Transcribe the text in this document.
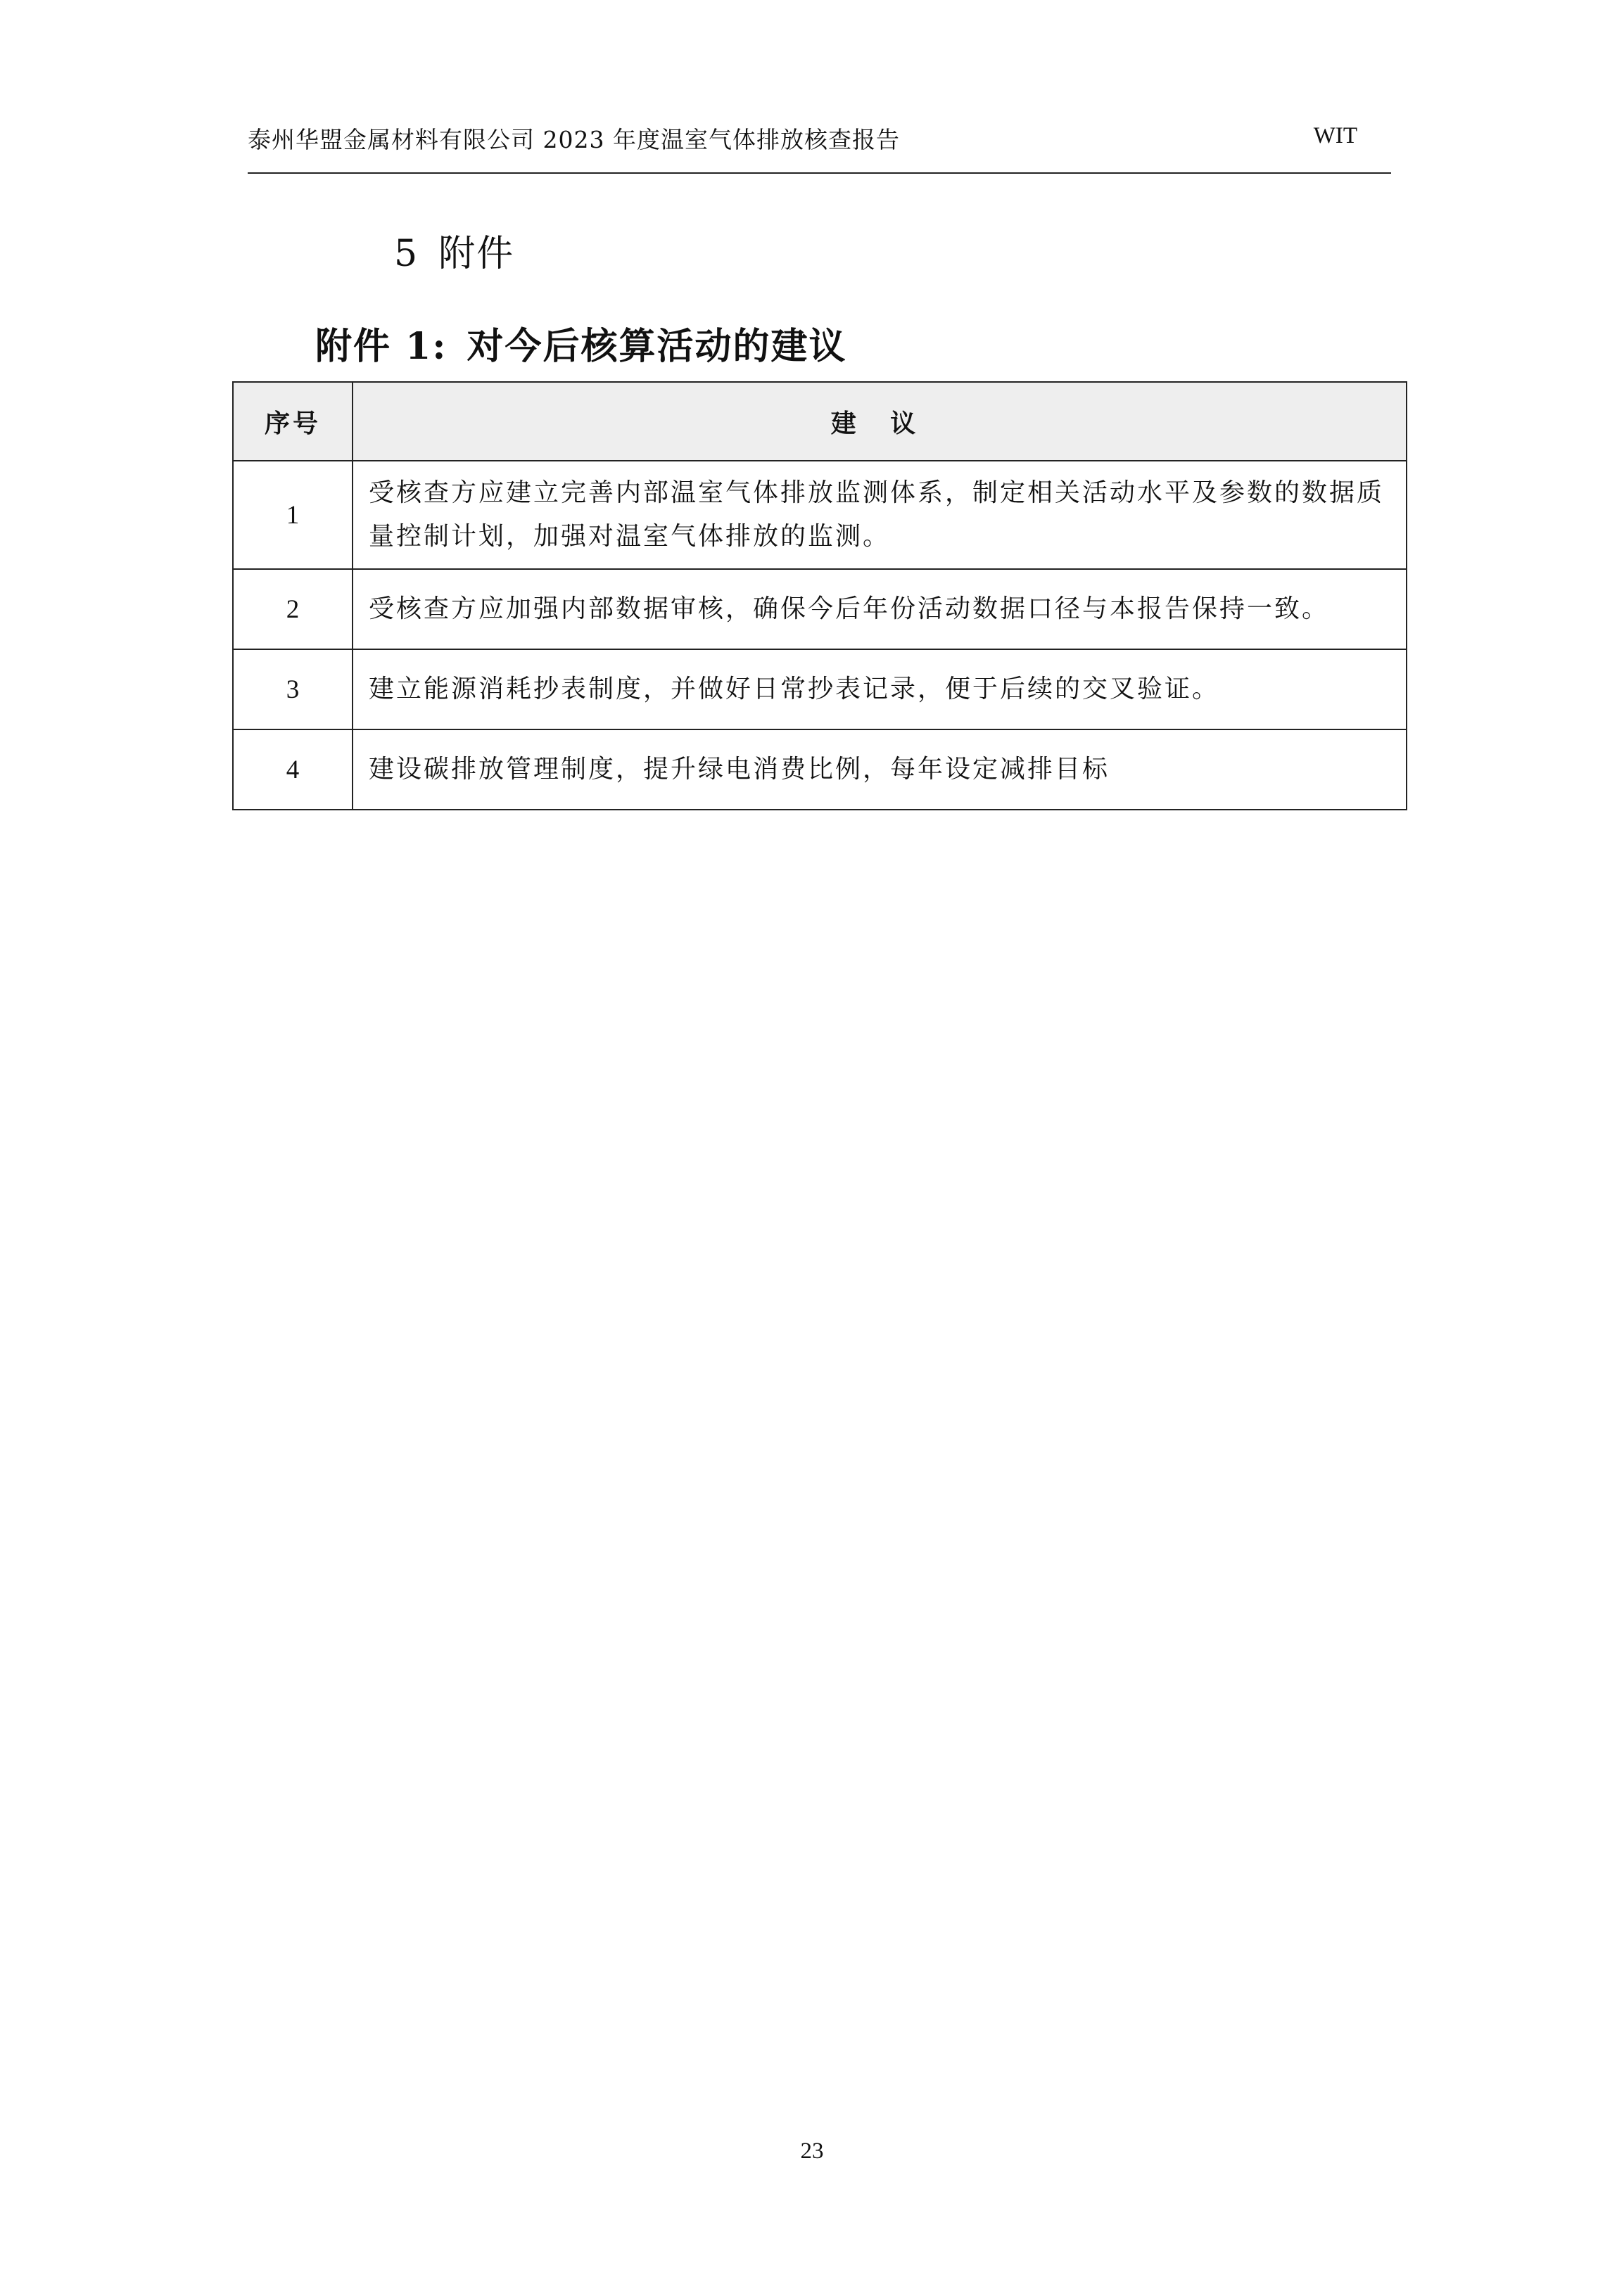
泰州华盟金属材料有限公司 2023 年度温室气体排放核查报告	WIT
5 附件
附件 1: 对今后核算活动的建议
序号	建 议
1	受核查方应建立完善内部温室气体排放监测体系，制定相关活动水平及参数的数据质量控制计划，加强对温室气体排放的监测。
2	受核查方应加强内部数据审核，确保今后年份活动数据口径与本报告保持一致。
3	建立能源消耗抄表制度，并做好日常抄表记录，便于后续的交叉验证。
4	建设碳排放管理制度，提升绿电消费比例，每年设定减排目标
23
